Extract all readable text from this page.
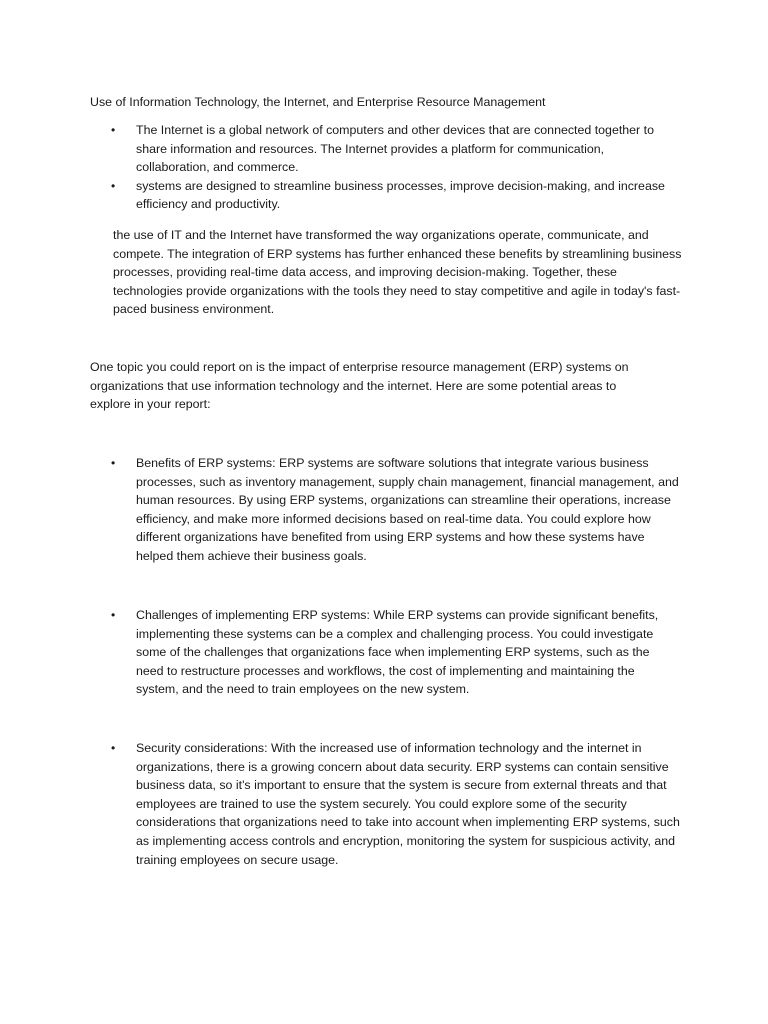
Use of Information Technology, the Internet, and Enterprise Resource Management
• The Internet is a global network of computers and other devices that are connected together to share information and resources. The Internet provides a platform for communication, collaboration, and commerce.
• systems are designed to streamline business processes, improve decision-making, and increase efficiency and productivity.

the use of IT and the Internet have transformed the way organizations operate, communicate, and compete. The integration of ERP systems has further enhanced these benefits by streamlining business processes, providing real-time data access, and improving decision-making. Together, these technologies provide organizations with the tools they need to stay competitive and agile in today's fast-paced business environment.

One topic you could report on is the impact of enterprise resource management (ERP) systems on organizations that use information technology and the internet. Here are some potential areas to explore in your report:

• Benefits of ERP systems: ERP systems are software solutions that integrate various business processes, such as inventory management, supply chain management, financial management, and human resources. By using ERP systems, organizations can streamline their operations, increase efficiency, and make more informed decisions based on real-time data. You could explore how different organizations have benefited from using ERP systems and how these systems have helped them achieve their business goals.
• Challenges of implementing ERP systems: While ERP systems can provide significant benefits, implementing these systems can be a complex and challenging process. You could investigate some of the challenges that organizations face when implementing ERP systems, such as the need to restructure processes and workflows, the cost of implementing and maintaining the system, and the need to train employees on the new system.
• Security considerations: With the increased use of information technology and the internet in organizations, there is a growing concern about data security. ERP systems can contain sensitive business data, so it's important to ensure that the system is secure from external threats and that employees are trained to use the system securely. You could explore some of the security considerations that organizations need to take into account when implementing ERP systems, such as implementing access controls and encryption, monitoring the system for suspicious activity, and training employees on secure usage.
